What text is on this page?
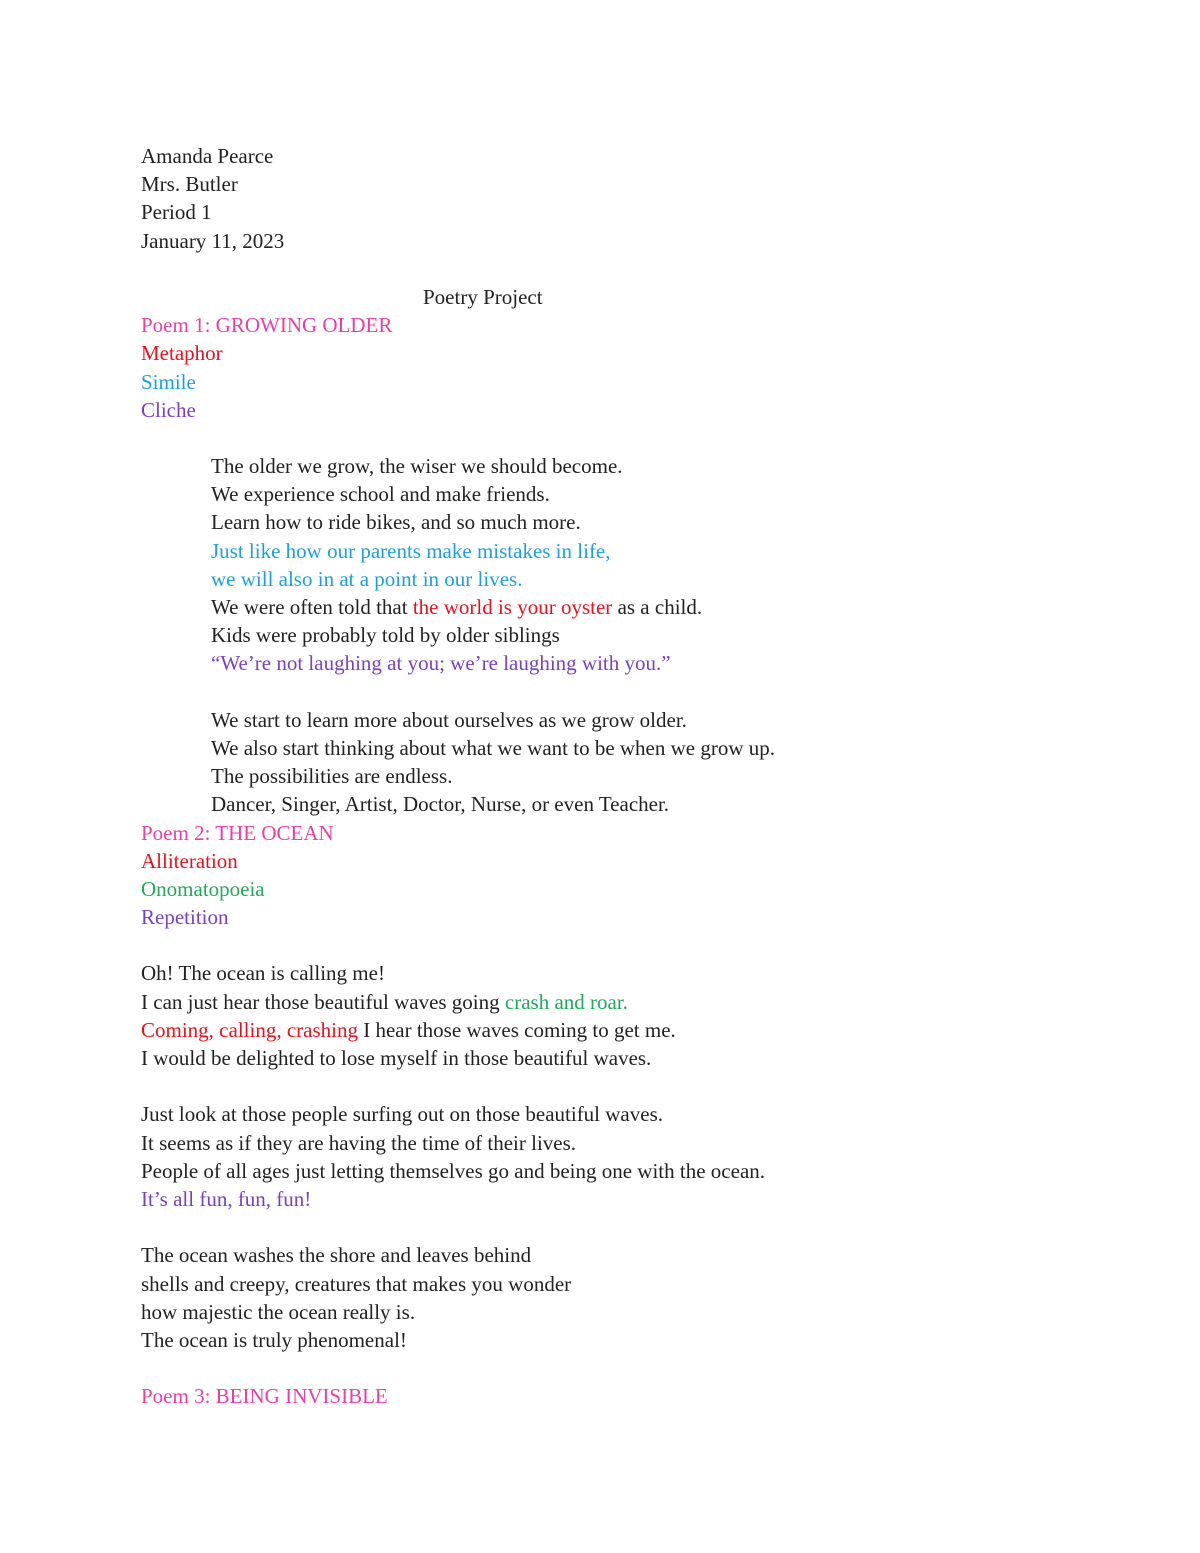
Amanda Pearce
Mrs. Butler
Period 1
January 11, 2023
Poetry Project
Poem 1: GROWING OLDER
Metaphor
Simile
Cliche
The older we grow, the wiser we should become.
We experience school and make friends.
Learn how to ride bikes, and so much more.
Just like how our parents make mistakes in life,
we will also in at a point in our lives.
We were often told that the world is your oyster as a child.
Kids were probably told by older siblings
“We’re not laughing at you; we’re laughing with you.”
We start to learn more about ourselves as we grow older.
We also start thinking about what we want to be when we grow up.
The possibilities are endless.
Dancer, Singer, Artist, Doctor, Nurse, or even Teacher.
Poem 2: THE OCEAN
Alliteration
Onomatopoeia
Repetition
Oh! The ocean is calling me!
I can just hear those beautiful waves going crash and roar.
Coming, calling, crashing I hear those waves coming to get me.
I would be delighted to lose myself in those beautiful waves.
Just look at those people surfing out on those beautiful waves.
It seems as if they are having the time of their lives.
People of all ages just letting themselves go and being one with the ocean.
It’s all fun, fun, fun!
The ocean washes the shore and leaves behind
shells and creepy, creatures that makes you wonder
how majestic the ocean really is.
The ocean is truly phenomenal!
Poem 3: BEING INVISIBLE
